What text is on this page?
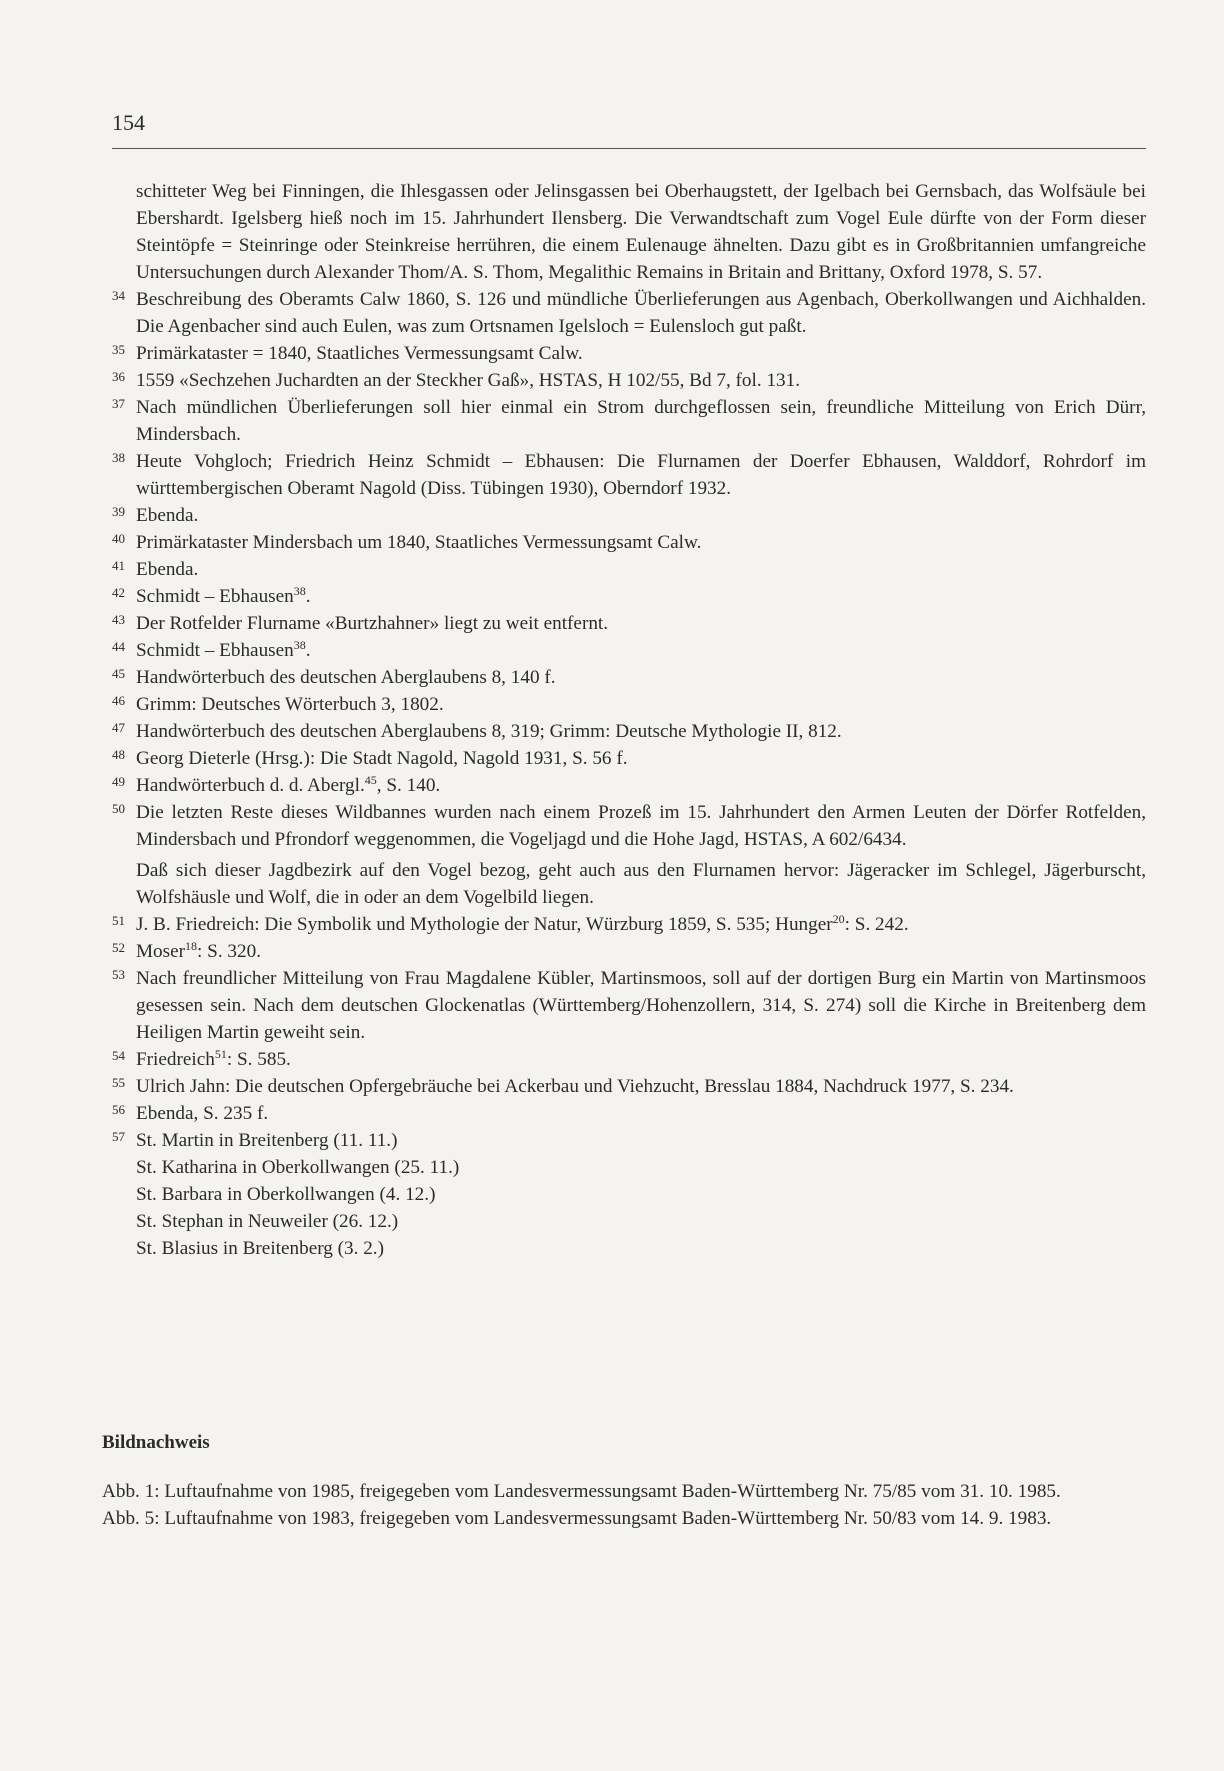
154

schitteter Weg bei Finningen, die Ihlesgassen oder Jelinsgassen bei Oberhaugstett, der Igelbach bei Gernsbach, das Wolfsäule bei Ebershardt. Igelsberg hieß noch im 15. Jahrhundert Ilensberg. Die Verwandtschaft zum Vogel Eule dürfte von der Form dieser Steintöpfe = Steinringe oder Steinkreise herrühren, die einem Eulenauge ähnelten. Dazu gibt es in Großbritannien umfangreiche Untersuchungen durch Alexander Thom/A. S. Thom, Megalithic Remains in Britain and Brittany, Oxford 1978, S. 57.

34 Beschreibung des Oberamts Calw 1860, S. 126 und mündliche Überlieferungen aus Agenbach, Oberkollwangen und Aichhalden. Die Agenbacher sind auch Eulen, was zum Ortsnamen Igelsloch = Eulensloch gut paßt.

35 Primärkataster = 1840, Staatliches Vermessungsamt Calw.

36 1559 «Sechzehen Juchardten an der Steckher Gaß», HSTAS, H 102/55, Bd 7, fol. 131.

37 Nach mündlichen Überlieferungen soll hier einmal ein Strom durchgeflossen sein, freundliche Mitteilung von Erich Dürr, Mindersbach.

38 Heute Vohgloch; Friedrich Heinz Schmidt – Ebhausen: Die Flurnamen der Doerfer Ebhausen, Walddorf, Rohrdorf im württembergischen Oberamt Nagold (Diss. Tübingen 1930), Oberndorf 1932.

39 Ebenda.

40 Primärkataster Mindersbach um 1840, Staatliches Vermessungsamt Calw.

41 Ebenda.

42 Schmidt – Ebhausen$^{38}$.

43 Der Rotfelder Flurname «Burtzhahner» liegt zu weit entfernt.

44 Schmidt – Ebhausen$^{38}$.

45 Handwörterbuch des deutschen Aberglaubens 8, 140 f.

46 Grimm: Deutsches Wörterbuch 3, 1802.

47 Handwörterbuch des deutschen Aberglaubens 8, 319; Grimm: Deutsche Mythologie II, 812.

48 Georg Dieterle (Hrsg.): Die Stadt Nagold, Nagold 1931, S. 56 f.

49 Handwörterbuch d. d. Abergl.$^{45}$, S. 140.

50 Die letzten Reste dieses Wildbannes wurden nach einem Prozeß im 15. Jahrhundert den Armen Leuten der Dörfer Rotfelden, Mindersbach und Pfrondorf weggenommen, die Vogeljagd und die Hohe Jagd, HSTAS, A 602/6434.

Daß sich dieser Jagdbezirk auf den Vogel bezog, geht auch aus den Flurnamen hervor: Jägeracker im Schlegel, Jägerburscht, Wolfshäusle und Wolf, die in oder an dem Vogelbild liegen.

51 J. B. Friedreich: Die Symbolik und Mythologie der Natur, Würzburg 1859, S. 535; Hunger$^{20}$: S. 242.

52 Moser$^{18}$: S. 320.

53 Nach freundlicher Mitteilung von Frau Magdalene Kübler, Martinsmoos, soll auf der dortigen Burg ein Martin von Martinsmoos gesessen sein. Nach dem deutschen Glockenatlas (Württemberg/Hohenzollern, 314, S. 274) soll die Kirche in Breitenberg dem Heiligen Martin geweiht sein.

54 Friedreich$^{51}$: S. 585.

55 Ulrich Jahn: Die deutschen Opfergebräuche bei Ackerbau und Viehzucht, Bresslau 1884, Nachdruck 1977, S. 234.

56 Ebenda, S. 235 f.

57 St. Martin in Breitenberg (11. 11.)
St. Katharina in Oberkollwangen (25. 11.)
St. Barbara in Oberkollwangen (4. 12.)
St. Stephan in Neuweiler (26. 12.)
St. Blasius in Breitenberg (3. 2.)

Bildnachweis

Abb. 1: Luftaufnahme von 1985, freigegeben vom Landesvermessungsamt Baden-Württemberg Nr. 75/85 vom 31. 10. 1985.

Abb. 5: Luftaufnahme von 1983, freigegeben vom Landesvermessungsamt Baden-Württemberg Nr. 50/83 vom 14. 9. 1983.
